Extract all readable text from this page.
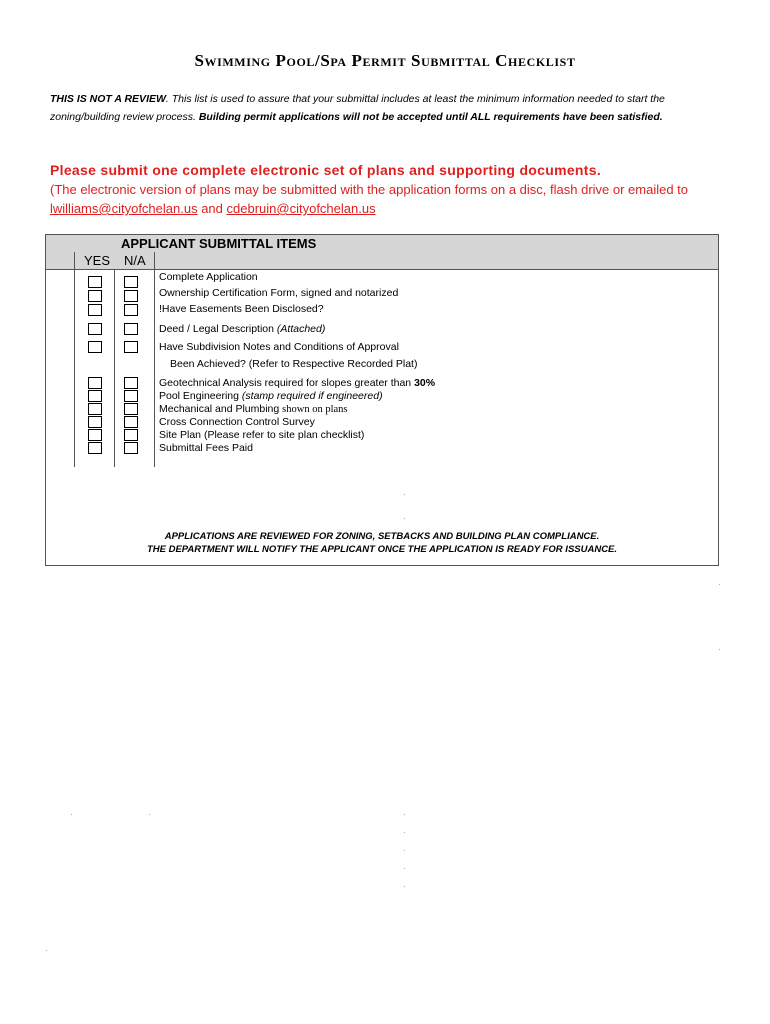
Swimming Pool/Spa Permit Submittal Checklist
THIS IS NOT A REVIEW. This list is used to assure that your submittal includes at least the minimum information needed to start the zoning/building review process. Building permit applications will not be accepted until ALL requirements have been satisfied.
Please submit one complete electronic set of plans and supporting documents.
(The electronic version of plans may be submitted with the application forms on a disc, flash drive or emailed to
lwilliams@cityofchelan.us and cdebruin@cityofchelan.us
APPLICANT SUBMITTAL ITEMS
YES N/A
Complete Application
Ownership Certification Form, signed and notarized
!Have Easements Been Disclosed?
Deed / Legal Description (Attached)
Have Subdivision Notes and Conditions of Approval
Been Achieved? (Refer to Respective Recorded Plat)
Geotechnical Analysis required for slopes greater than 30%
Pool Engineering (stamp required if engineered)
Mechanical and Plumbing shown on plans
Cross Connection Control Survey
Site Plan (Please refer to site plan checklist)
Submittal Fees Paid
APPLICATIONS ARE REVIEWED FOR ZONING, SETBACKS AND BUILDING PLAN COMPLIANCE.
THE DEPARTMENT WILL NOTIFY THE APPLICANT ONCE THE APPLICATION IS READY FOR ISSUANCE.
·
·
·
·
·	·	·
·
·
·
·
·
